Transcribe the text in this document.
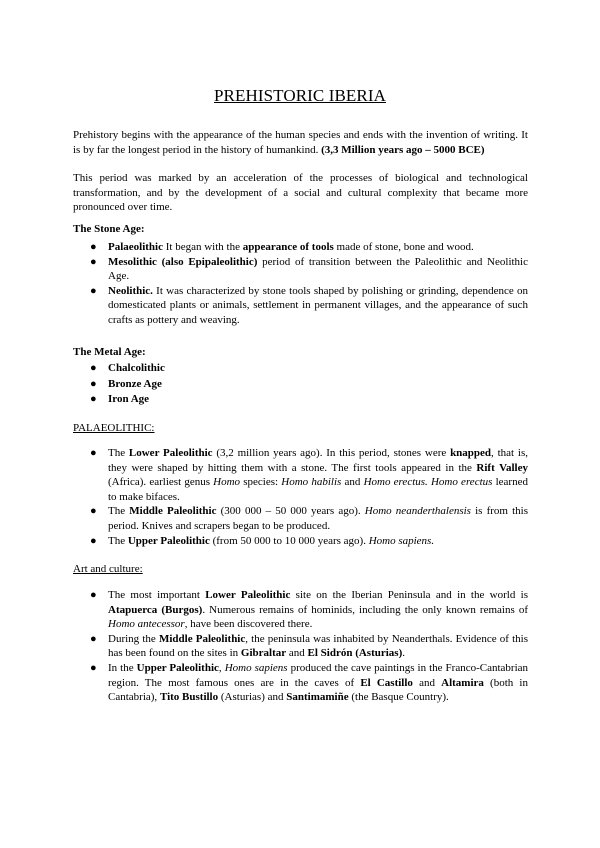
PREHISTORIC IBERIA

Prehistory begins with the appearance of the human species and ends with the invention of writing. It is by far the longest period in the history of humankind. (3,3 Million years ago – 5000 BCE)

This period was marked by an acceleration of the processes of biological and technological transformation, and by the development of a social and cultural complexity that became more pronounced over time.

The Stone Age:

● Palaeolithic It began with the appearance of tools made of stone, bone and wood.
● Mesolithic (also Epipaleolithic) period of transition between the Paleolithic and Neolithic Age.
● Neolithic. It was characterized by stone tools shaped by polishing or grinding, dependence on domesticated plants or animals, settlement in permanent villages, and the appearance of such crafts as pottery and weaving.

The Metal Age:

● Chalcolithic
● Bronze Age
● Iron Age

PALAEOLITHIC:

● The Lower Paleolithic (3,2 million years ago). In this period, stones were knapped, that is, they were shaped by hitting them with a stone. The first tools appeared in the Rift Valley (Africa). earliest genus Homo species: Homo habilis and Homo erectus. Homo erectus learned to make bifaces.
● The Middle Paleolithic (300 000 – 50 000 years ago). Homo neanderthalensis is from this period. Knives and scrapers began to be produced.
● The Upper Paleolithic (from 50 000 to 10 000 years ago). Homo sapiens.

Art and culture:

● The most important Lower Paleolithic site on the Iberian Peninsula and in the world is Atapuerca (Burgos). Numerous remains of hominids, including the only known remains of Homo antecessor, have been discovered there.
● During the Middle Paleolithic, the peninsula was inhabited by Neanderthals. Evidence of this has been found on the sites in Gibraltar and El Sidrón (Asturias).
● In the Upper Paleolithic, Homo sapiens produced the cave paintings in the Franco-Cantabrian region. The most famous ones are in the caves of El Castillo and Altamira (both in Cantabria), Tito Bustillo (Asturias) and Santimamiñe (the Basque Country).
